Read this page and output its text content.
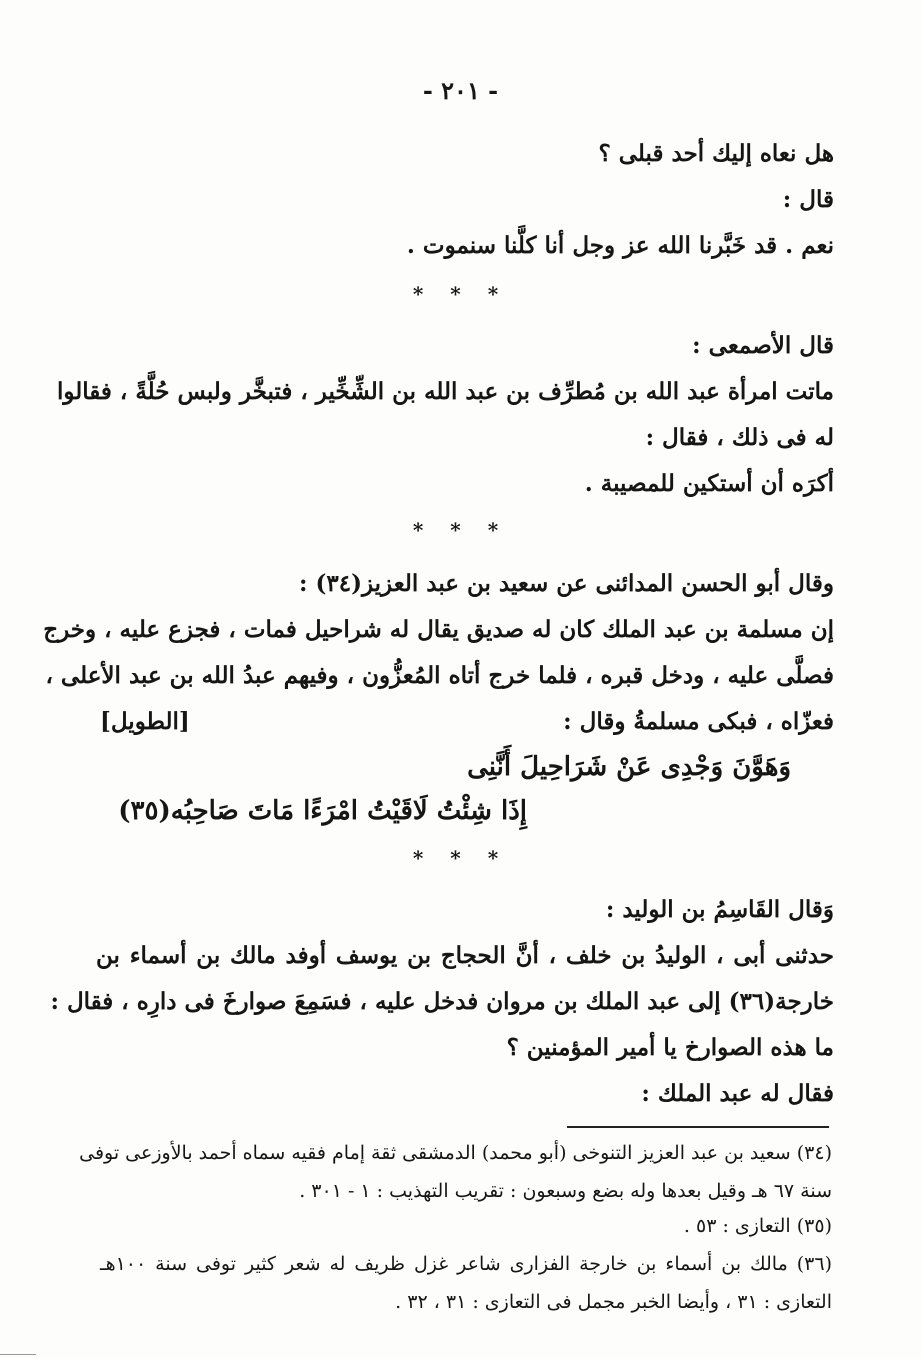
- ٢٠١ -
هل نعاه إليك أحد قبلى ؟
قال :
نعم . قد خَبَّرنا الله عز وجل أنا كلَّنا سنموت .
قال الأصمعى :
ماتت امرأة عبد الله بن مُطرِّف بن عبد الله بن الشِّخِّير ، فتبخَّر ولبس حُلَّةً ، فقالوا
له فى ذلك ، فقال :
أكرَه أن أستكين للمصيبة .
وقال أبو الحسن المدائنى عن سعيد بن عبد العزيز(٣٤) :
إن مسلمة بن عبد الملك كان له صديق يقال له شراحيل فمات ، فجزع عليه ، وخرج
فصلَّى عليه ، ودخل قبره ، فلما خرج أتاه المُعزُّون ، وفيهم عبدُ الله بن عبد الأعلى ،
فعزّاه ، فبكى مسلمةُ وقال :
وَقال القَاسِمُ بن الوليد :
حدثنى أبى ، الوليدُ بن خلف ، أنَّ الحجاج بن يوسف أوفد مالك بن أسماء بن
خارجة(٣٦) إلى عبد الملك بن مروان فدخل عليه ، فسَمِعَ صوارخَ فى دارِه ، فقال :
ما هذه الصوارخ يا أمير المؤمنين ؟
فقال له عبد الملك :
* * *
* * *
* * *
[الطويل]
وَهَوَّنَ وَجْدِى عَنْ شَرَاحِيلَ أَنَّنِى
إِذَا شِئْتُ لَاقَيْتُ امْرَءًا مَاتَ صَاحِبُه(٣٥)
(٣٤) سعيد بن عبد العزيز التنوخى (أبو محمد) الدمشقى ثقة إمام فقيه سماه أحمد بالأوزعى توفى
سنة ٦٧ هـ وقيل بعدها وله بضع وسبعون : تقريب التهذيب : ١ - ٣٠١ .
(٣٥) التعازى : ٥٣ .
(٣٦) مالك بن أسماء بن خارجة الفزارى شاعر غزل ظريف له شعر كثير توفى سنة ١٠٠هـ
التعازى : ٣١ ، وأيضا الخبر مجمل فى التعازى : ٣١ ، ٣٢ .
